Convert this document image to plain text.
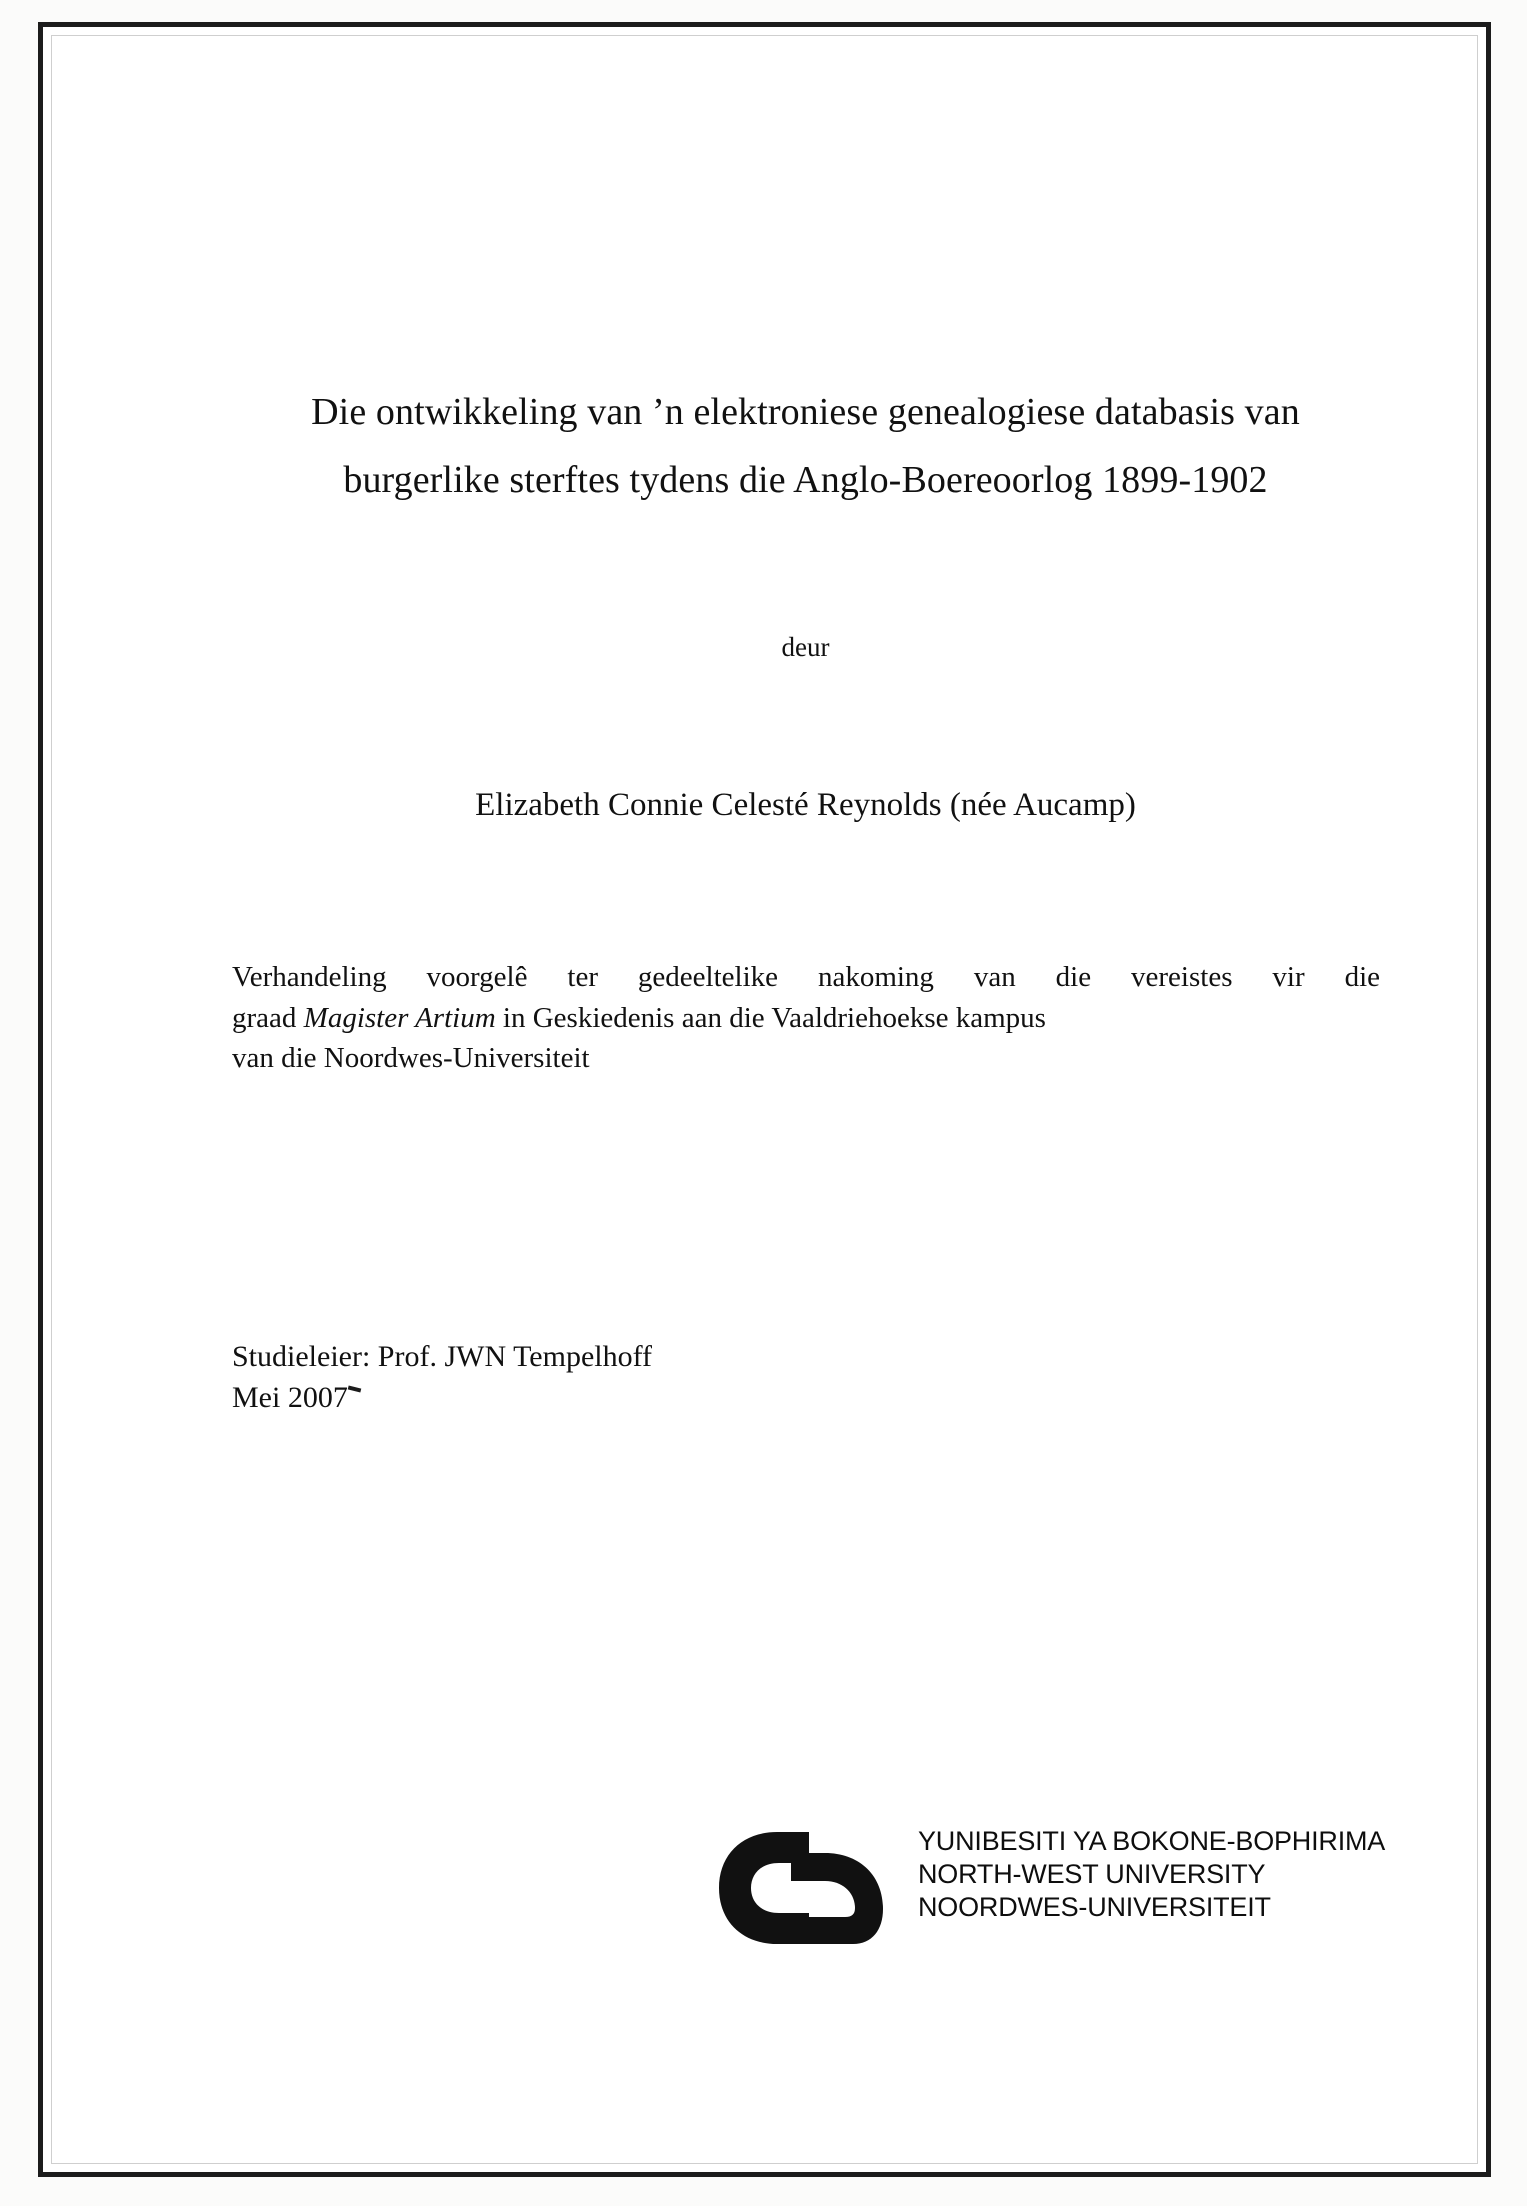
Die ontwikkeling van ’n elektroniese genealogiese databasis van
burgerlike sterftes tydens die Anglo-Boereoorlog 1899-1902

deur

Elizabeth Connie Celesté Reynolds (née Aucamp)

Verhandeling voorgelê ter gedeeltelike nakoming van die vereistes vir die

graad Magister Artium in Geskiedenis aan die Vaaldriehoekse kampus

van die Noordwes-Universiteit

Studieleier: Prof. JWN Tempelhoff

Mei 2007

YUNIBESITI YA BOKONE-BOPHIRIMA
NORTH-WEST UNIVERSITY
NOORDWES-UNIVERSITEIT
